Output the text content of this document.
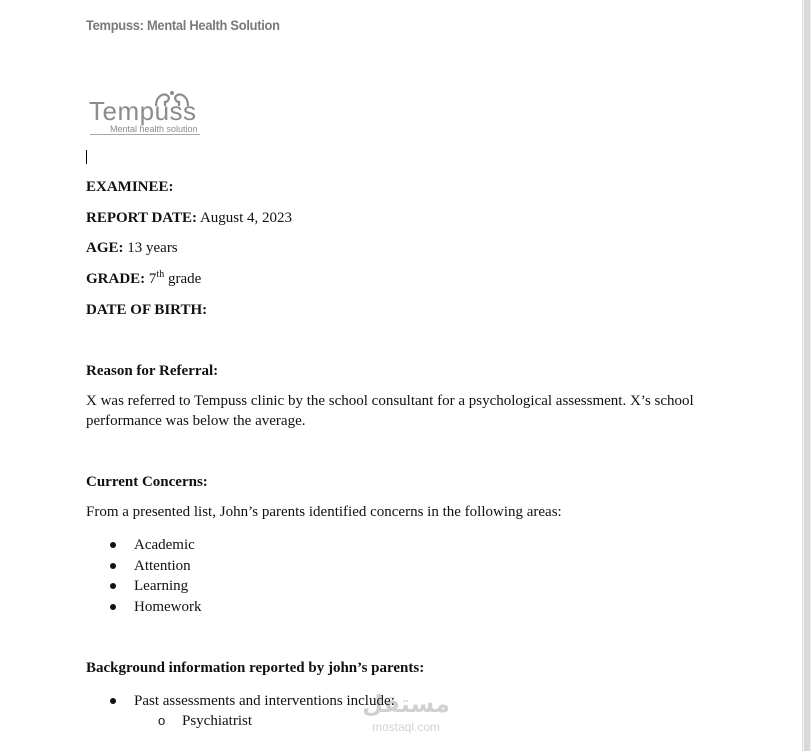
Tempuss: Mental Health Solution
Tempuss
Mental health solution
EXAMINEE:
REPORT DATE: August 4, 2023
AGE: 13 years
GRADE: 7th grade
DATE OF BIRTH:
Reason for Referral:
X was referred to Tempuss clinic by the school consultant for a psychological assessment. X’s school performance was below the average.
Current Concerns:
From a presented list, John’s parents identified concerns in the following areas:
Academic
Attention
Learning
Homework
Background information reported by john’s parents:
Past assessments and interventions include:
o Psychiatrist
مستقل
mostaql.com
